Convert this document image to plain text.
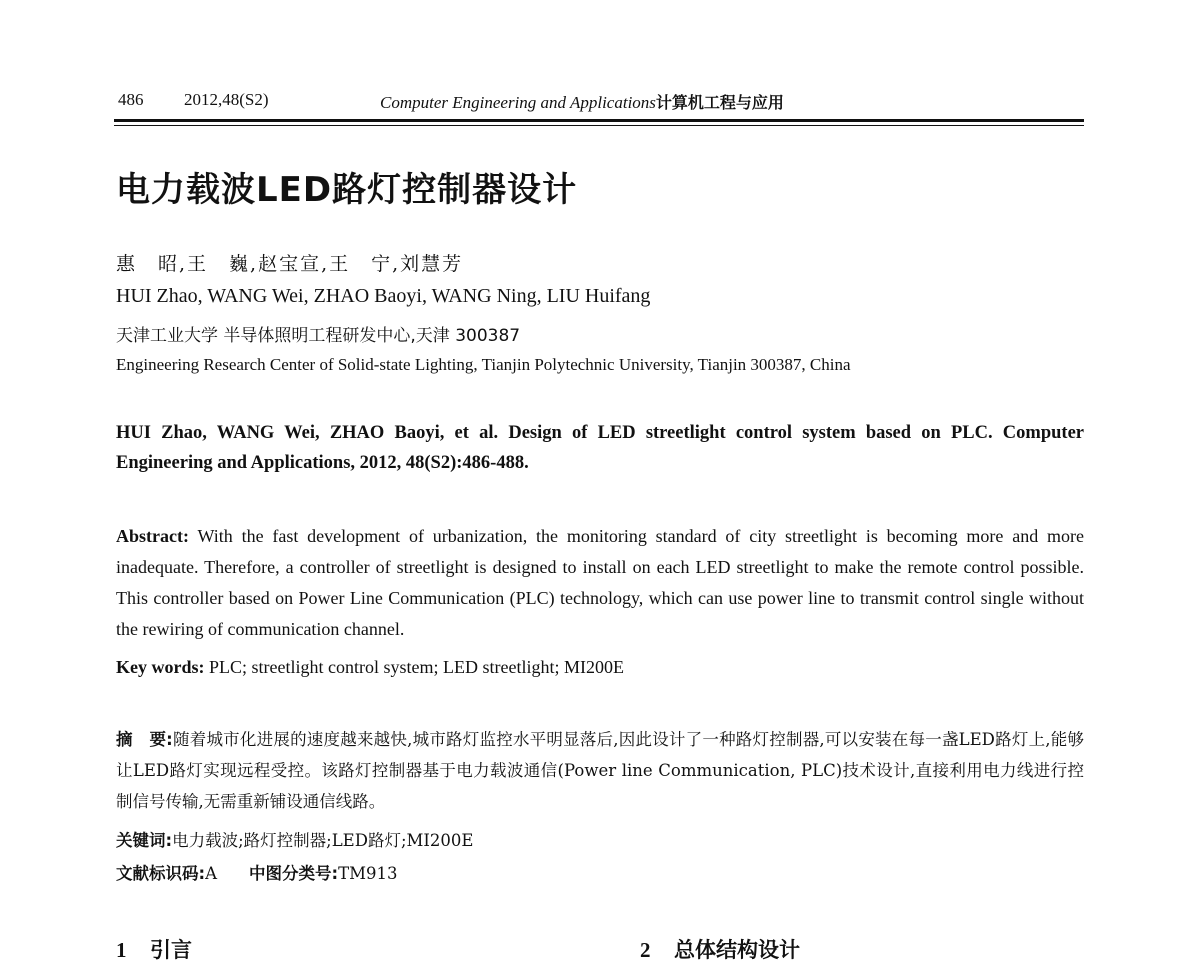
486 2012,48(S2)	Computer Engineering and Applications计算机工程与应用
电力载波LED路灯控制器设计
惠　昭,王　巍,赵宝宣,王　宁,刘慧芳
HUI Zhao, WANG Wei, ZHAO Baoyi, WANG Ning, LIU Huifang
天津工业大学 半导体照明工程研发中心,天津 300387
Engineering Research Center of Solid-state Lighting, Tianjin Polytechnic University, Tianjin 300387, China
HUI Zhao, WANG Wei, ZHAO Baoyi, et al. Design of LED streetlight control system based on PLC. Computer Engineering and Applications, 2012, 48(S2):486-488.
Abstract: With the fast development of urbanization, the monitoring standard of city streetlight is becoming more and more inadequate. Therefore, a controller of streetlight is designed to install on each LED streetlight to make the remote control possible. This controller based on Power Line Communication (PLC) technology, which can use power line to transmit control single without the rewiring of communication channel.
Key words: PLC; streetlight control system; LED streetlight; MI200E
摘　要:随着城市化进展的速度越来越快,城市路灯监控水平明显落后,因此设计了一种路灯控制器,可以安装在每一盏LED路灯上,能够让LED路灯实现远程受控。该路灯控制器基于电力载波通信(Power line Communication, PLC)技术设计,直接利用电力线进行控制信号传输,无需重新铺设通信线路。
关键词:电力载波;路灯控制器;LED路灯;MI200E
文献标识码:A 中图分类号:TM913
1 引言	2 总体结构设计
